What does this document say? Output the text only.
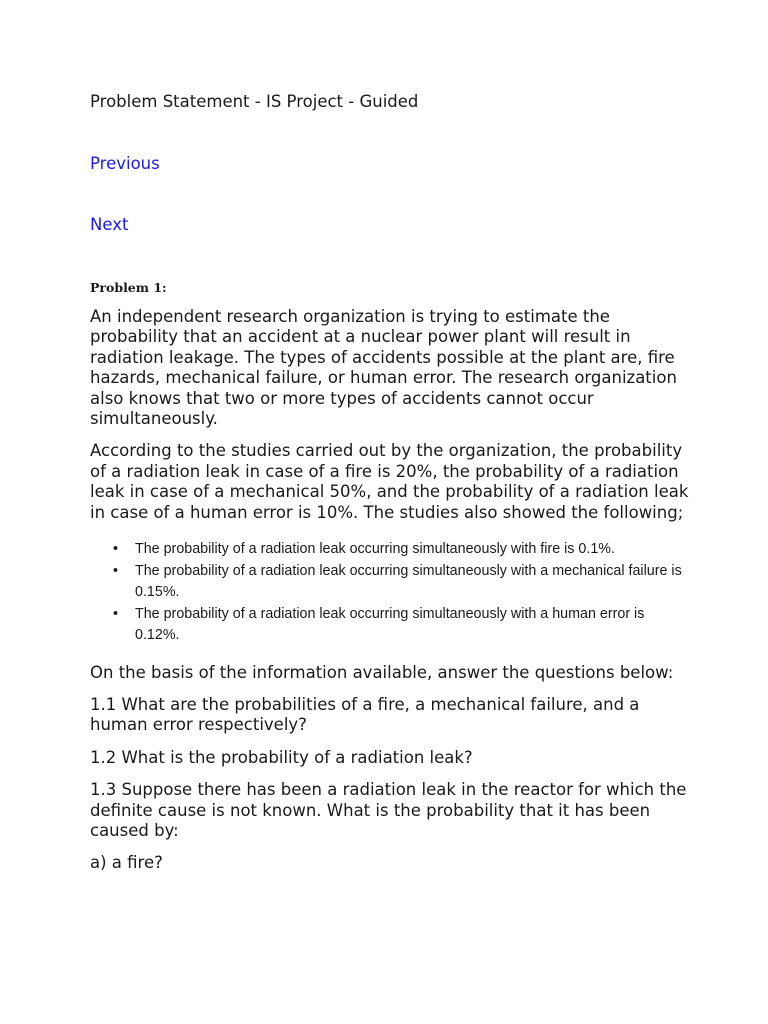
Problem Statement - IS Project - Guided
Previous
Next
Problem 1:

An independent research organization is trying to estimate the probability that an accident at a nuclear power plant will result in radiation leakage. The types of accidents possible at the plant are, fire hazards, mechanical failure, or human error. The research organization also knows that two or more types of accidents cannot occur simultaneously.

According to the studies carried out by the organization, the probability of a radiation leak in case of a fire is 20%, the probability of a radiation leak in case of a mechanical 50%, and the probability of a radiation leak in case of a human error is 10%. The studies also showed the following;

• The probability of a radiation leak occurring simultaneously with fire is 0.1%.
• The probability of a radiation leak occurring simultaneously with a mechanical failure is 0.15%.
• The probability of a radiation leak occurring simultaneously with a human error is 0.12%.

On the basis of the information available, answer the questions below:

1.1 What are the probabilities of a fire, a mechanical failure, and a human error respectively?

1.2 What is the probability of a radiation leak?

1.3 Suppose there has been a radiation leak in the reactor for which the definite cause is not known. What is the probability that it has been caused by:

a) a fire?
